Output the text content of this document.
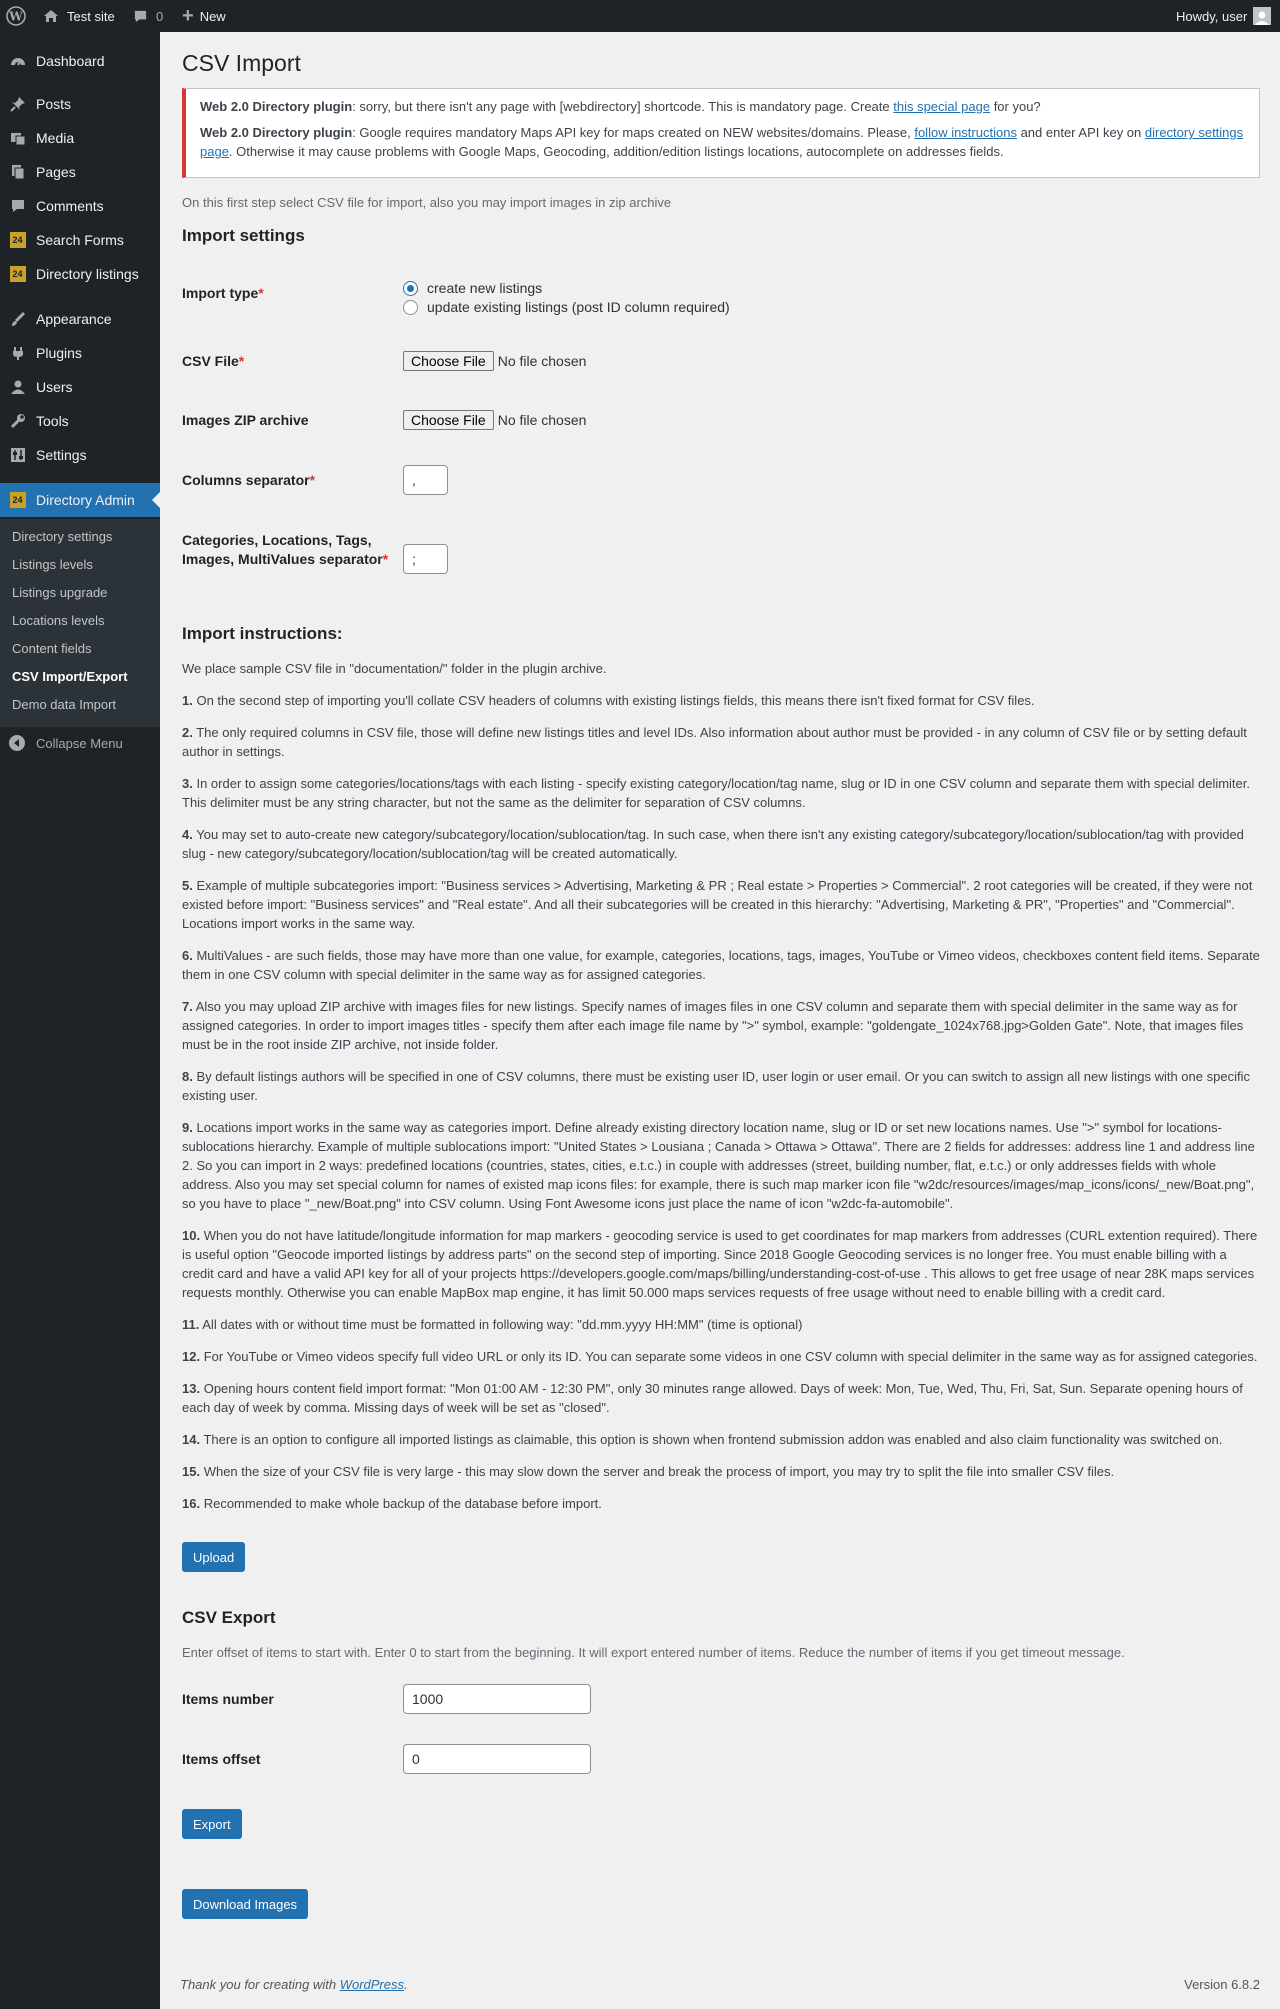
W	Test site	0 + New	Howdy, user
Dashboard
Posts
Media
Pages
Comments
24 Search Forms
24 Directory listings
Appearance
Plugins
Users
Tools
Settings
24 Directory Admin
Directory settings
Listings levels
Listings upgrade
Locations levels
Content fields
CSV Import/Export
Demo data Import
Collapse Menu
CSV Import

Web 2.0 Directory plugin: sorry, but there isn't any page with [webdirectory] shortcode. This is mandatory page. Create this special page for you?

Web 2.0 Directory plugin: Google requires mandatory Maps API key for maps created on NEW websites/domains. Please, follow instructions and enter API key on directory settings page. Otherwise it may cause problems with Google Maps, Geocoding, addition/edition listings locations, autocomplete on addresses fields.

On this first step select CSV file for import, also you may import images in zip archive
Import settings
Import type*	create new listings
update existing listings (post ID column required)
CSV File*	Choose File No file chosen
Images ZIP archive	Choose File No file chosen
Columns separator*	,
Categories, Locations, Tags, Images, MultiValues separator*	;
Import instructions:
We place sample CSV file in "documentation/" folder in the plugin archive.
1. On the second step of importing you'll collate CSV headers of columns with existing listings fields, this means there isn't fixed format for CSV files.
2. The only required columns in CSV file, those will define new listings titles and level IDs. Also information about author must be provided - in any column of CSV file or by setting default author in settings.
3. In order to assign some categories/locations/tags with each listing - specify existing category/location/tag name, slug or ID in one CSV column and separate them with special delimiter. This delimiter must be any string character, but not the same as the delimiter for separation of CSV columns.
4. You may set to auto-create new category/subcategory/location/sublocation/tag. In such case, when there isn't any existing category/subcategory/location/sublocation/tag with provided slug - new category/subcategory/location/sublocation/tag will be created automatically.
5. Example of multiple subcategories import: "Business services > Advertising, Marketing & PR ; Real estate > Properties > Commercial". 2 root categories will be created, if they were not existed before import: "Business services" and "Real estate". And all their subcategories will be created in this hierarchy: "Advertising, Marketing & PR", "Properties" and "Commercial". Locations import works in the same way.
6. MultiValues - are such fields, those may have more than one value, for example, categories, locations, tags, images, YouTube or Vimeo videos, checkboxes content field items. Separate them in one CSV column with special delimiter in the same way as for assigned categories.
7. Also you may upload ZIP archive with images files for new listings. Specify names of images files in one CSV column and separate them with special delimiter in the same way as for assigned categories. In order to import images titles - specify them after each image file name by ">" symbol, example: "goldengate_1024x768.jpg>Golden Gate". Note, that images files must be in the root inside ZIP archive, not inside folder.
8. By default listings authors will be specified in one of CSV columns, there must be existing user ID, user login or user email. Or you can switch to assign all new listings with one specific existing user.
9. Locations import works in the same way as categories import. Define already existing directory location name, slug or ID or set new locations names. Use ">" symbol for locations-sublocations hierarchy. Example of multiple sublocations import: "United States > Lousiana ; Canada > Ottawa > Ottawa". There are 2 fields for addresses: address line 1 and address line 2. So you can import in 2 ways: predefined locations (countries, states, cities, e.t.c.) in couple with addresses (street, building number, flat, e.t.c.) or only addresses fields with whole address. Also you may set special column for names of existed map icons files: for example, there is such map marker icon file "w2dc/resources/images/map_icons/icons/_new/Boat.png", so you have to place "_new/Boat.png" into CSV column. Using Font Awesome icons just place the name of icon "w2dc-fa-automobile".
10. When you do not have latitude/longitude information for map markers - geocoding service is used to get coordinates for map markers from addresses (CURL extention required). There is useful option "Geocode imported listings by address parts" on the second step of importing. Since 2018 Google Geocoding services is no longer free. You must enable billing with a credit card and have a valid API key for all of your projects https://developers.google.com/maps/billing/understanding-cost-of-use . This allows to get free usage of near 28K maps services requests monthly. Otherwise you can enable MapBox map engine, it has limit 50.000 maps services requests of free usage without need to enable billing with a credit card.
11. All dates with or without time must be formatted in following way: "dd.mm.yyyy HH:MM" (time is optional)
12. For YouTube or Vimeo videos specify full video URL or only its ID. You can separate some videos in one CSV column with special delimiter in the same way as for assigned categories.
13. Opening hours content field import format: "Mon 01:00 AM - 12:30 PM", only 30 minutes range allowed. Days of week: Mon, Tue, Wed, Thu, Fri, Sat, Sun. Separate opening hours of each day of week by comma. Missing days of week will be set as "closed".
14. There is an option to configure all imported listings as claimable, this option is shown when frontend submission addon was enabled and also claim functionality was switched on.
15. When the size of your CSV file is very large - this may slow down the server and break the process of import, you may try to split the file into smaller CSV files.
16. Recommended to make whole backup of the database before import.
Upload
CSV Export
Enter offset of items to start with. Enter 0 to start from the beginning. It will export entered number of items. Reduce the number of items if you get timeout message.
Items number	1000
Items offset	0
Export
Download Images
Thank you for creating with WordPress.	Version 6.8.2
